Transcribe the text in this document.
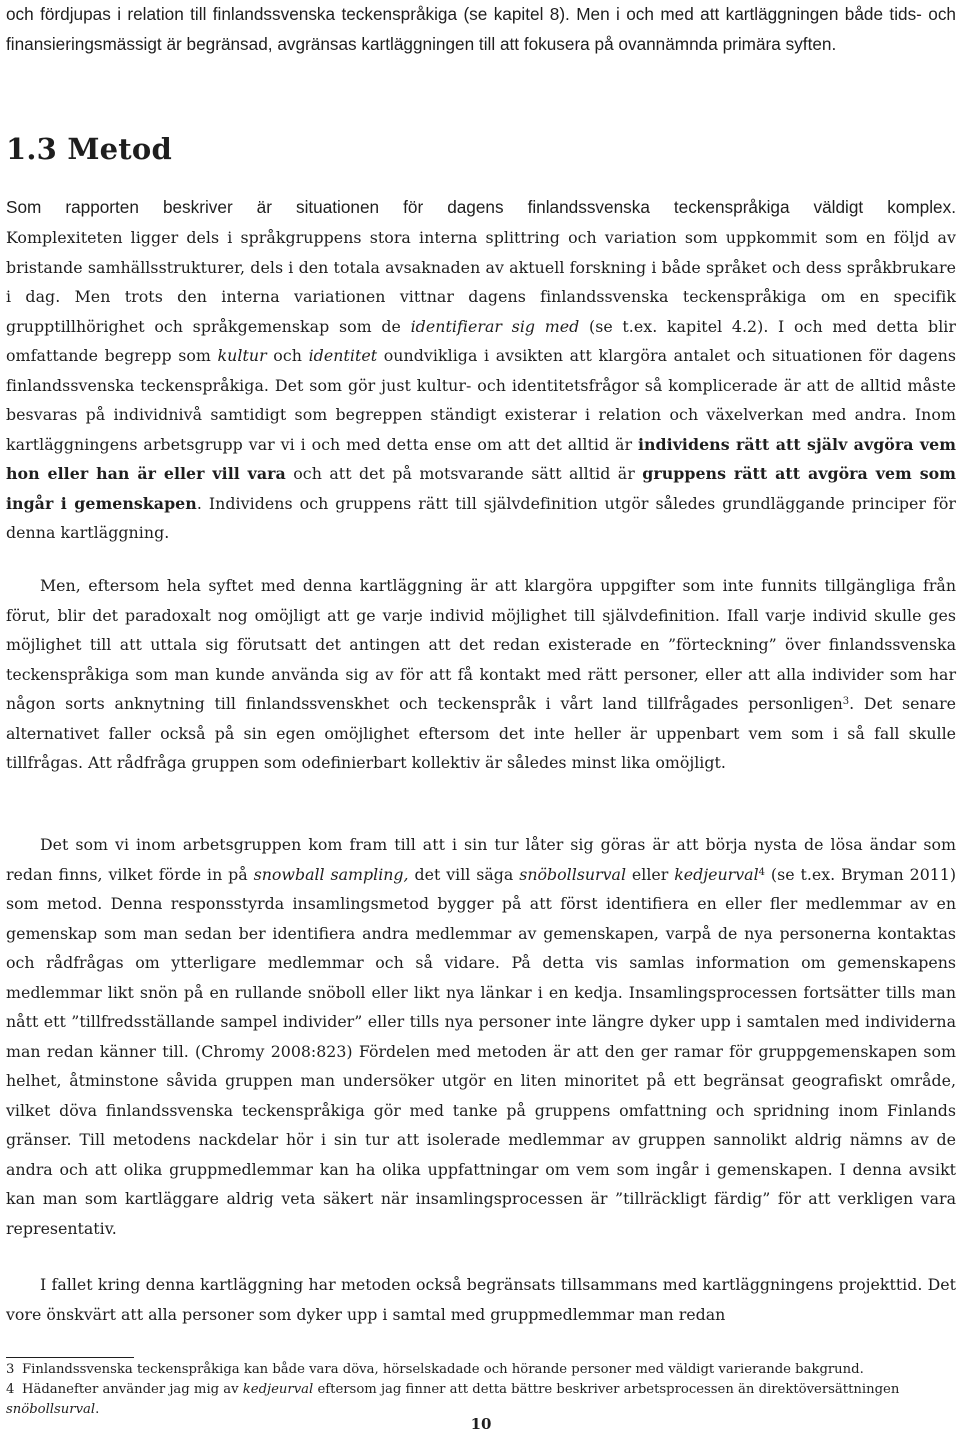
och fördjupas i relation till finlandssvenska teckenspråkiga (se kapitel 8). Men i och med att kartläggningen både tids- och finansieringsmässigt är begränsad, avgränsas kartläggningen till att fokusera på ovannämnda primära syften.

1.3 Metod

Som rapporten beskriver är situationen för dagens finlandssvenska teckenspråkiga väldigt komplex.

Komplexiteten ligger dels i språkgruppens stora interna splittring och variation som uppkommit som en följd av bristande samhällsstrukturer, dels i den totala avsaknaden av aktuell forskning i både språket och dess språkbrukare i dag. Men trots den interna variationen vittnar dagens finlandssvenska teckenspråkiga om en specifik grupptillhörighet och språkgemenskap som de identifierar sig med (se t.ex. kapitel 4.2). I och med detta blir omfattande begrepp som kultur och identitet oundvikliga i avsikten att klargöra antalet och situationen för dagens finlandssvenska teckenspråkiga. Det som gör just kultur- och identitetsfrågor så komplicerade är att de alltid måste besvaras på individnivå samtidigt som begreppen ständigt existerar i relation och växelverkan med andra. Inom kartläggningens arbetsgrupp var vi i och med detta ense om att det alltid är individens rätt att själv avgöra vem hon eller han är eller vill vara och att det på motsvarande sätt alltid är gruppens rätt att avgöra vem som ingår i gemenskapen. Individens och gruppens rätt till självdefinition utgör således grundläggande principer för denna kartläggning.

Men, eftersom hela syftet med denna kartläggning är att klargöra uppgifter som inte funnits tillgängliga från förut, blir det paradoxalt nog omöjligt att ge varje individ möjlighet till självdefinition. Ifall varje individ skulle ges möjlighet till att uttala sig förutsatt det antingen att det redan existerade en ”förteckning” över finlandssvenska teckenspråkiga som man kunde använda sig av för att få kontakt med rätt personer, eller att alla individer som har någon sorts anknytning till finlandssvenskhet och teckenspråk i vårt land tillfrågades personligen$^3$. Det senare alternativet faller också på sin egen omöjlighet eftersom det inte heller är uppenbart vem som i så fall skulle tillfrågas. Att rådfråga gruppen som odefinierbart kollektiv är således minst lika omöjligt.

Det som vi inom arbetsgruppen kom fram till att i sin tur låter sig göras är att börja nysta de lösa ändar som redan finns, vilket förde in på snowball sampling, det vill säga snöbollsurval eller kedjeurval$^4$ (se t.ex. Bryman 2011) som metod. Denna responsstyrda insamlingsmetod bygger på att först identifiera en eller fler medlemmar av en gemenskap som man sedan ber identifiera andra medlemmar av gemenskapen, varpå de nya personerna kontaktas och rådfrågas om ytterligare medlemmar och så vidare. På detta vis samlas information om gemenskapens medlemmar likt snön på en rullande snöboll eller likt nya länkar i en kedja. Insamlingsprocessen fortsätter tills man nått ett ”tillfredsställande sampel individer” eller tills nya personer inte längre dyker upp i samtalen med individerna man redan känner till. (Chromy 2008:823) Fördelen med metoden är att den ger ramar för gruppgemenskapen som helhet, åtminstone såvida gruppen man undersöker utgör en liten minoritet på ett begränsat geografiskt område, vilket döva finlandssvenska teckenspråkiga gör med tanke på gruppens omfattning och spridning inom Finlands gränser. Till metodens nackdelar hör i sin tur att isolerade medlemmar av gruppen sannolikt aldrig nämns av de andra och att olika gruppmedlemmar kan ha olika uppfattningar om vem som ingår i gemenskapen. I denna avsikt kan man som kartläggare aldrig veta säkert när insamlingsprocessen är ”tillräckligt färdig” för att verkligen vara representativ.

I fallet kring denna kartläggning har metoden också begränsats tillsammans med kartläggningens projekttid. Det vore önskvärt att alla personer som dyker upp i samtal med gruppmedlemmar man redan

3 Finlandssvenska teckenspråkiga kan både vara döva, hörselskadade och hörande personer med väldigt varierande bakgrund.

4 Hädanefter använder jag mig av kedjeurval eftersom jag finner att detta bättre beskriver arbetsprocessen än direktöversättningen snöbollsurval.

10
